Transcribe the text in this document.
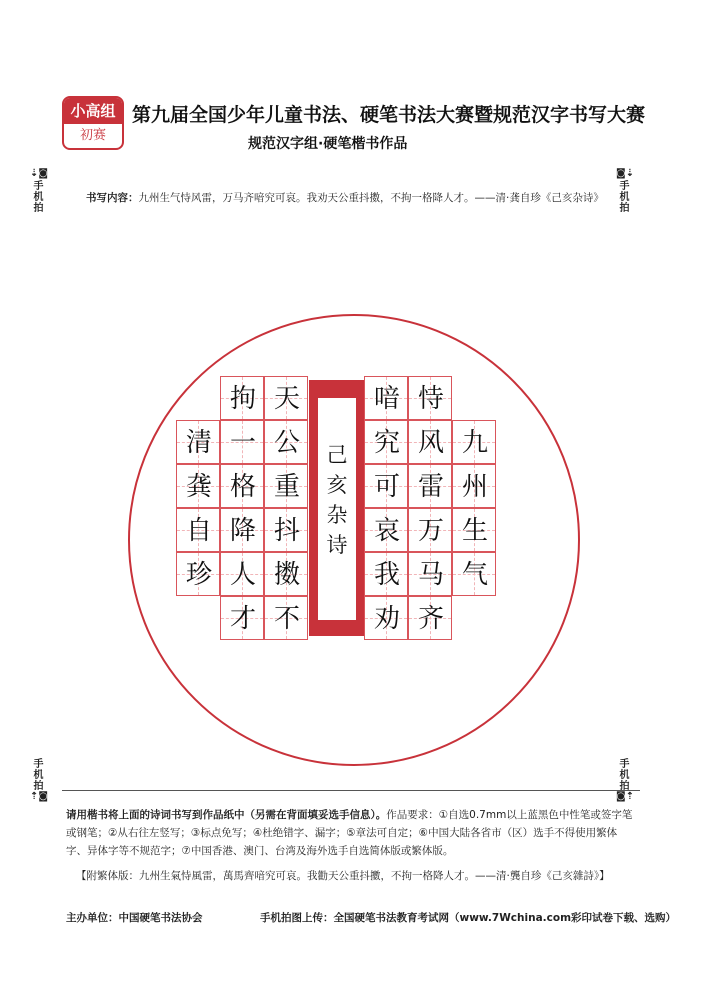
小高组
初赛
第九届全国少年儿童书法、硬笔书法大赛暨规范汉字书写大赛
规范汉字组·硬笔楷书作品
⇣◙
手机拍
◙⇣
手机拍
手机拍
⇡◙
手机拍
◙⇡
书写内容：九州生气恃风雷，万马齐喑究可哀。我劝天公重抖擞，不拘一格降人才。——清·龚自珍《己亥杂诗》
己
亥
杂
诗
请用楷书将上面的诗词书写到作品纸中（另需在背面填妥选手信息）。作品要求：①自选0.7mm以上蓝黑色中性笔或签字笔或钢笔；②从右往左竖写；③标点免写；④杜绝错字、漏字；⑤章法可自定；⑥中国大陆各省市（区）选手不得使用繁体字、异体字等不规范字；⑦中国香港、澳门、台湾及海外选手自选简体版或繁体版。
【附繁体版：九州生氣恃風雷，萬馬齊喑究可哀。我勸天公重抖擻，不拘一格降人才。——清·龔自珍《己亥雜詩》】
主办单位：中国硬笔书法协会	手机拍图上传：全国硬笔书法教育考试网（www.7Wchina.com彩印试卷下载、选购）
九
州
生
气
恃
风
雷
万
马
齐
喑
究
可
哀
我
劝
天
公
重
抖
擞
不
拘
一
格
降
人
才
清
龚
自
珍
